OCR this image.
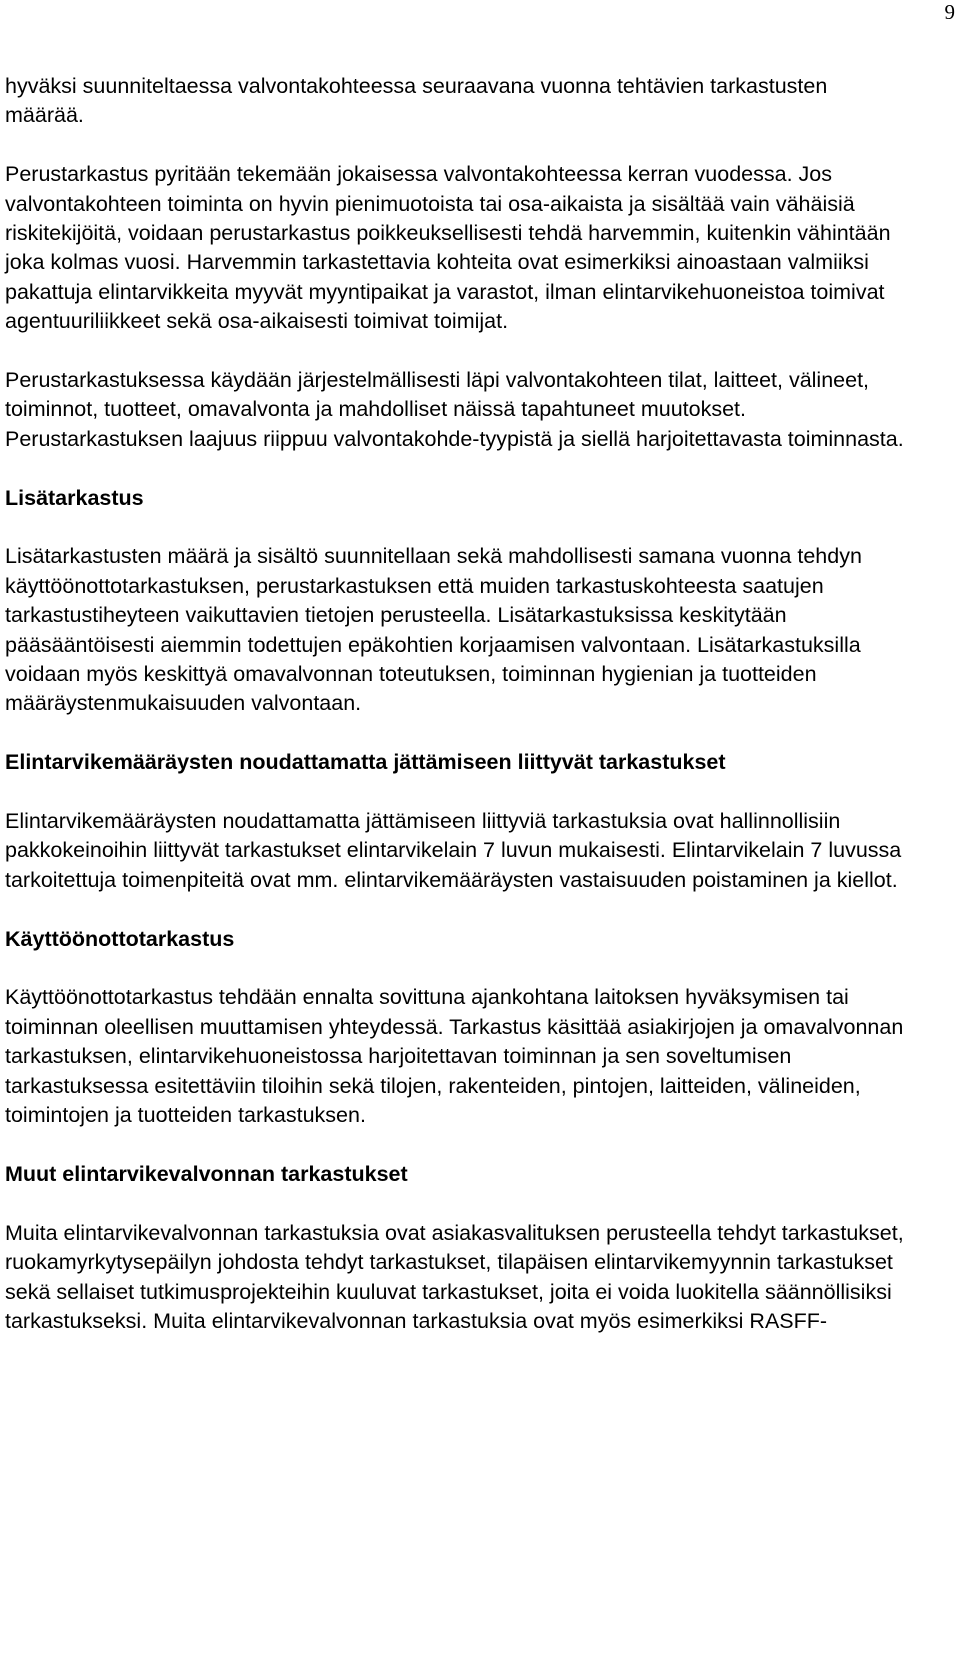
9

hyväksi suunniteltaessa valvontakohteessa seuraavana vuonna tehtävien tarkastusten määrää.

Perustarkastus pyritään tekemään jokaisessa valvontakohteessa kerran vuodessa. Jos valvontakohteen toiminta on hyvin pienimuotoista tai osa-aikaista ja sisältää vain vähäisiä riskitekijöitä, voidaan perustarkastus poikkeuksellisesti tehdä harvemmin, kuitenkin vähintään joka kolmas vuosi. Harvemmin tarkastettavia kohteita ovat esimerkiksi ainoastaan valmiiksi pakattuja elintarvikkeita myyvät myyntipaikat ja varastot, ilman elintarvikehuoneistoa toimivat agentuuriliikkeet sekä osa-aikaisesti toimivat toimijat.

Perustarkastuksessa käydään järjestelmällisesti läpi valvontakohteen tilat, laitteet, välineet, toiminnot, tuotteet, omavalvonta ja mahdolliset näissä tapahtuneet muutokset. Perustarkastuksen laajuus riippuu valvontakohde-tyypistä ja siellä harjoitettavasta toiminnasta.

Lisätarkastus

Lisätarkastusten määrä ja sisältö suunnitellaan sekä mahdollisesti samana vuonna tehdyn käyttöönottotarkastuksen, perustarkastuksen että muiden tarkastuskohteesta saatujen tarkastustiheyteen vaikuttavien tietojen perusteella. Lisätarkastuksissa keskitytään pääsääntöisesti aiemmin todettujen epäkohtien korjaamisen valvontaan. Lisätarkastuksilla voidaan myös keskittyä omavalvonnan toteutuksen, toiminnan hygienian ja tuotteiden määräystenmukaisuuden valvontaan.

Elintarvikemääräysten noudattamatta jättämiseen liittyvät tarkastukset

Elintarvikemääräysten noudattamatta jättämiseen liittyviä tarkastuksia ovat hallinnollisiin pakkokeinoihin liittyvät tarkastukset elintarvikelain 7 luvun mukaisesti. Elintarvikelain 7 luvussa tarkoitettuja toimenpiteitä ovat mm. elintarvikemääräysten vastaisuuden poistaminen ja kiellot.

Käyttöönottotarkastus

Käyttöönottotarkastus tehdään ennalta sovittuna ajankohtana laitoksen hyväksymisen tai toiminnan oleellisen muuttamisen yhteydessä. Tarkastus käsittää asiakirjojen ja omavalvonnan tarkastuksen, elintarvikehuoneistossa harjoitettavan toiminnan ja sen soveltumisen tarkastuksessa esitettäviin tiloihin sekä tilojen, rakenteiden, pintojen, laitteiden, välineiden, toimintojen ja tuotteiden tarkastuksen.

Muut elintarvikevalvonnan tarkastukset

Muita elintarvikevalvonnan tarkastuksia ovat asiakasvalituksen perusteella tehdyt tarkastukset, ruokamyrkytysepäilyn johdosta tehdyt tarkastukset, tilapäisen elintarvikemyynnin tarkastukset sekä sellaiset tutkimusprojekteihin kuuluvat tarkastukset, joita ei voida luokitella säännöllisiksi tarkastukseksi. Muita elintarvikevalvonnan tarkastuksia ovat myös esimerkiksi RASFF-
